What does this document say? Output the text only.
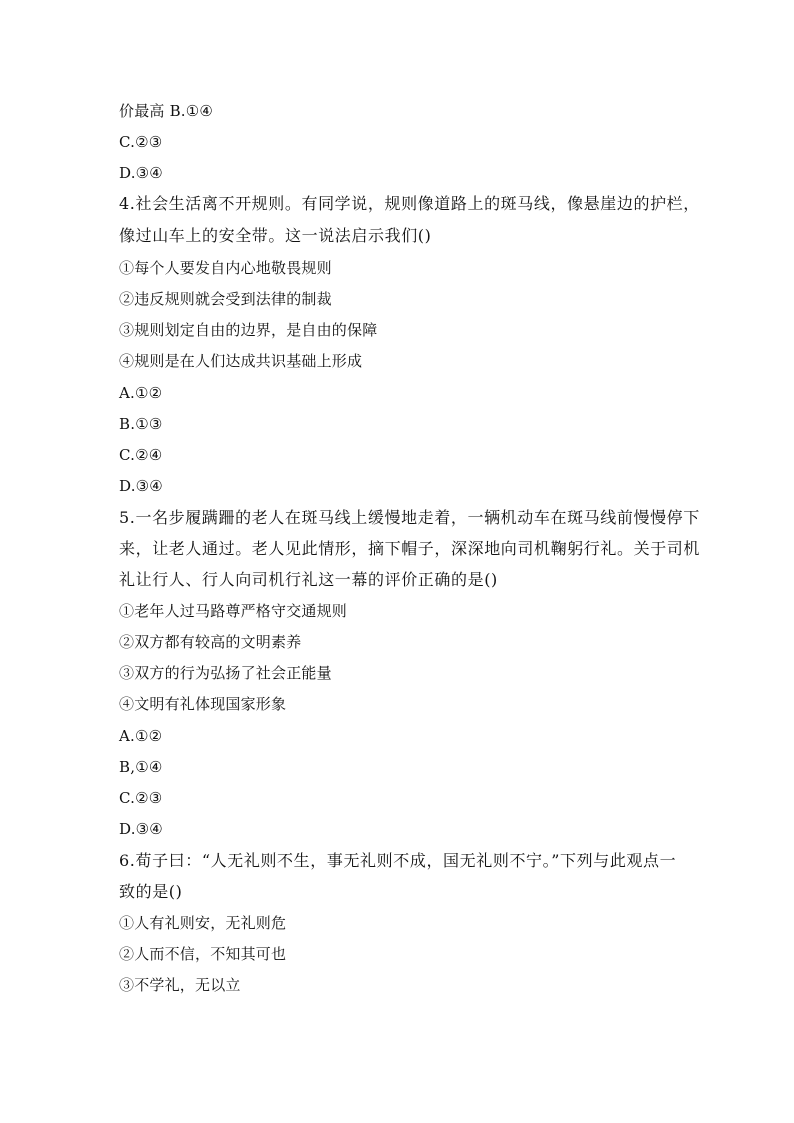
价最高 B.①④
C.②③
D.③④
4.社会生活离不开规则。有同学说，规则像道路上的斑马线，像悬崖边的护栏，
像过山车上的安全带。这一说法启示我们()
①每个人要发自内心地敬畏规则
②违反规则就会受到法律的制裁
③规则划定自由的边界，是自由的保障
④规则是在人们达成共识基础上形成
A.①②
B.①③
C.②④
D.③④
5.一名步履蹒跚的老人在斑马线上缓慢地走着，一辆机动车在斑马线前慢慢停下
来，让老人通过。老人见此情形，摘下帽子，深深地向司机鞠躬行礼。关于司机
礼让行人、行人向司机行礼这一幕的评价正确的是()
①老年人过马路尊严格守交通规则
②双方都有较高的文明素养
③双方的行为弘扬了社会正能量
④文明有礼体现国家形象
A.①②
B,①④
C.②③
D.③④
6.荀子曰：“人无礼则不生，事无礼则不成，国无礼则不宁。”下列与此观点一
致的是()
①人有礼则安，无礼则危
②人而不信，不知其可也
③不学礼，无以立
